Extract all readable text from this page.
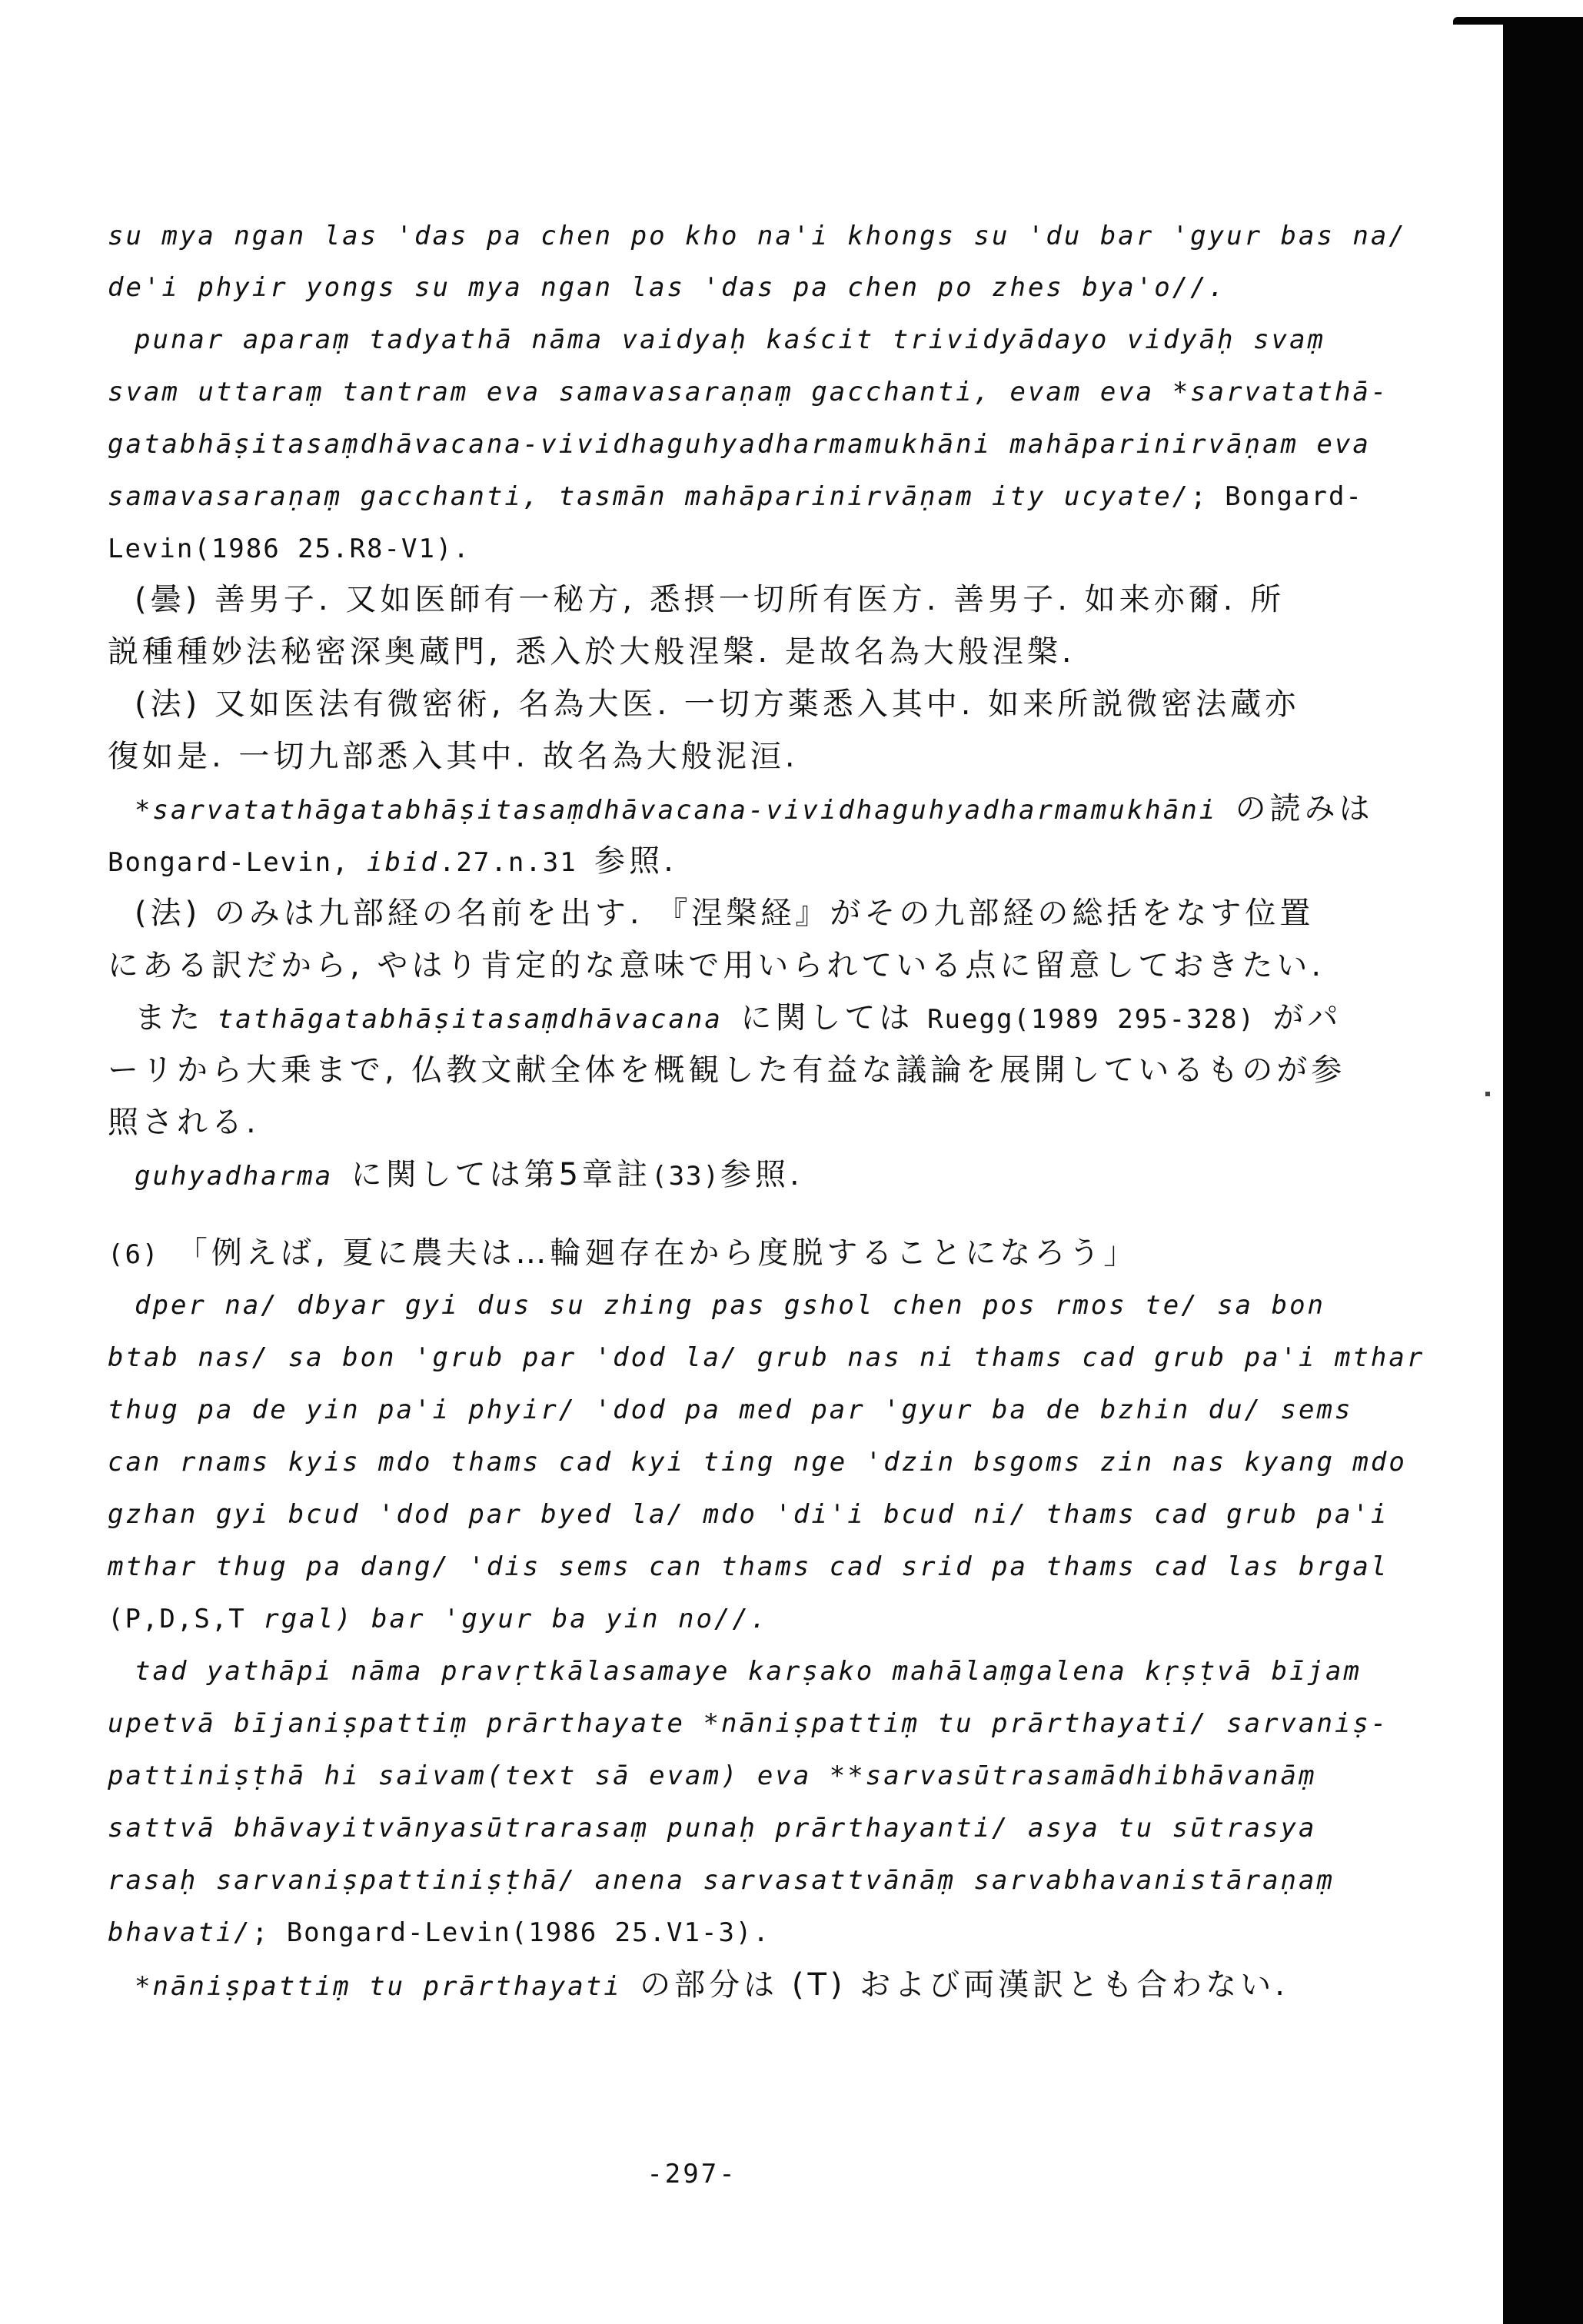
su mya ngan las 'das pa chen po kho na'i khongs su 'du bar 'gyur bas na/
de'i phyir yongs su mya ngan las 'das pa chen po zhes bya'o//.
punar aparaṃ tadyathā nāma vaidyaḥ kaścit trividyādayo vidyāḥ svaṃ
svam uttaraṃ tantram eva samavasaraṇaṃ gacchanti, evam eva *sarvatathā-
gatabhāṣitasaṃdhāvacana-vividhaguhyadharmamukhāni mahāparinirvāṇam eva
samavasaraṇaṃ gacchanti, tasmān mahāparinirvāṇam ity ucyate/; Bongard-
Levin(1986 25.R8-V1).
(曇) 善男子. 又如医師有一秘方, 悉摂一切所有医方. 善男子. 如来亦爾. 所
説種種妙法秘密深奥蔵門, 悉入於大般涅槃. 是故名為大般涅槃.
(法) 又如医法有微密術, 名為大医. 一切方薬悉入其中. 如来所説微密法蔵亦
復如是. 一切九部悉入其中. 故名為大般泥洹.
*sarvatathāgatabhāṣitasaṃdhāvacana-vividhaguhyadharmamukhāni の読みは
Bongard-Levin, ibid.27.n.31 参照.
(法) のみは九部経の名前を出す. 『涅槃経』がその九部経の総括をなす位置
にある訳だから, やはり肯定的な意味で用いられている点に留意しておきたい.
また tathāgatabhāṣitasaṃdhāvacana に関しては Ruegg(1989 295-328) がパ
ーリから大乗まで, 仏教文献全体を概観した有益な議論を展開しているものが参
照される.
guhyadharma に関しては第5章註(33)参照.
(6) 「例えば, 夏に農夫は…輪廻存在から度脱することになろう」
dper na/ dbyar gyi dus su zhing pas gshol chen pos rmos te/ sa bon
btab nas/ sa bon 'grub par 'dod la/ grub nas ni thams cad grub pa'i mthar
thug pa de yin pa'i phyir/ 'dod pa med par 'gyur ba de bzhin du/ sems
can rnams kyis mdo thams cad kyi ting nge 'dzin bsgoms zin nas kyang mdo
gzhan gyi bcud 'dod par byed la/ mdo 'di'i bcud ni/ thams cad grub pa'i
mthar thug pa dang/ 'dis sems can thams cad srid pa thams cad las brgal
(P,D,S,T rgal) bar 'gyur ba yin no//.
tad yathāpi nāma pravṛtkālasamaye karṣako mahālaṃgalena kṛṣṭvā bījam
upetvā bījaniṣpattiṃ prārthayate *nāniṣpattiṃ tu prārthayati/ sarvaniṣ-
pattiniṣṭhā hi saivam(text sā evam) eva **sarvasūtrasamādhibhāvanāṃ
sattvā bhāvayitvānyasūtrarasaṃ punaḥ prārthayanti/ asya tu sūtrasya
rasaḥ sarvaniṣpattiniṣṭhā/ anena sarvasattvānāṃ sarvabhavanistāraṇaṃ
bhavati/; Bongard-Levin(1986 25.V1-3).
*nāniṣpattiṃ tu prārthayati の部分は (T) および両漢訳とも合わない.
-297-
